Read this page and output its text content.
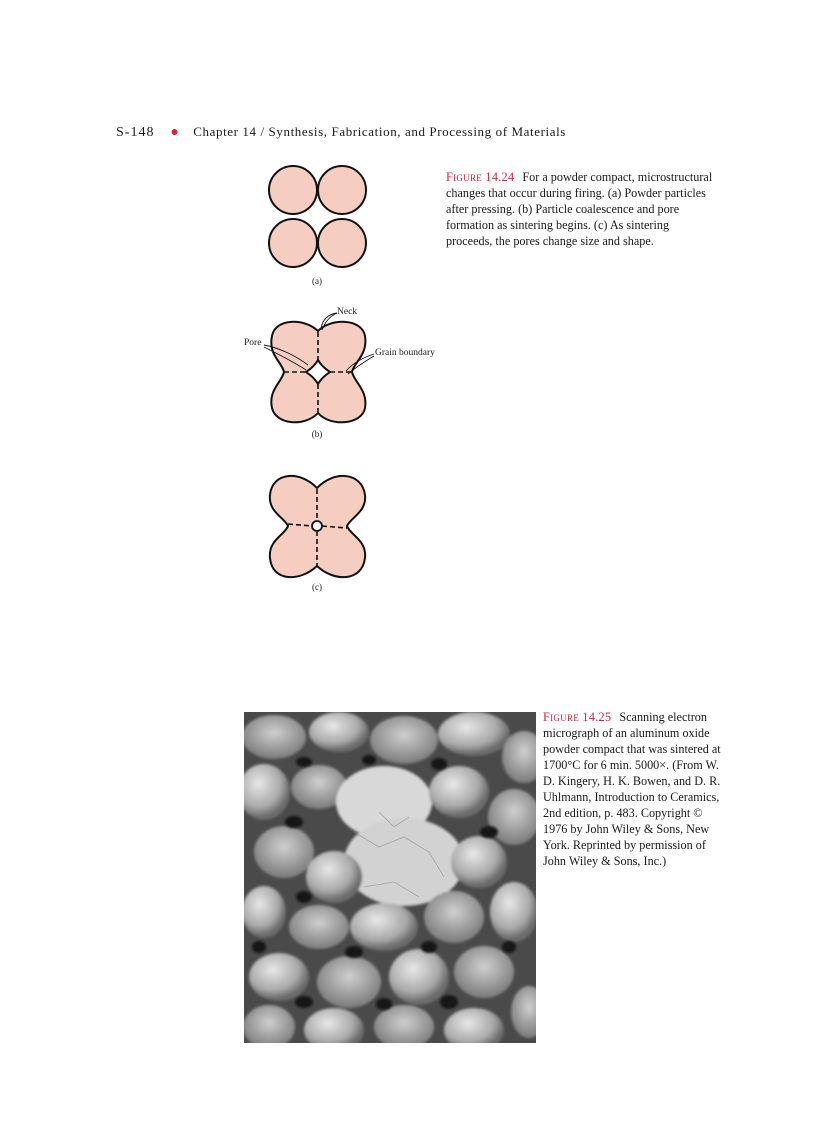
S-148 ● Chapter 14 / Synthesis, Fabrication, and Processing of Materials
(a)
(b)
(c)
Neck
Pore
Grain boundary
Figure 14.24 For a powder compact, microstructural changes that occur during firing. (a) Powder particles after pressing. (b) Particle coalescence and pore formation as sintering begins. (c) As sintering proceeds, the pores change size and shape.
Figure 14.25 Scanning electron micrograph of an aluminum oxide powder compact that was sintered at 1700°C for 6 min. 5000×. (From W. D. Kingery, H. K. Bowen, and D. R. Uhlmann, Introduction to Ceramics, 2nd edition, p. 483. Copyright © 1976 by John Wiley & Sons, New York. Reprinted by permission of John Wiley & Sons, Inc.)
